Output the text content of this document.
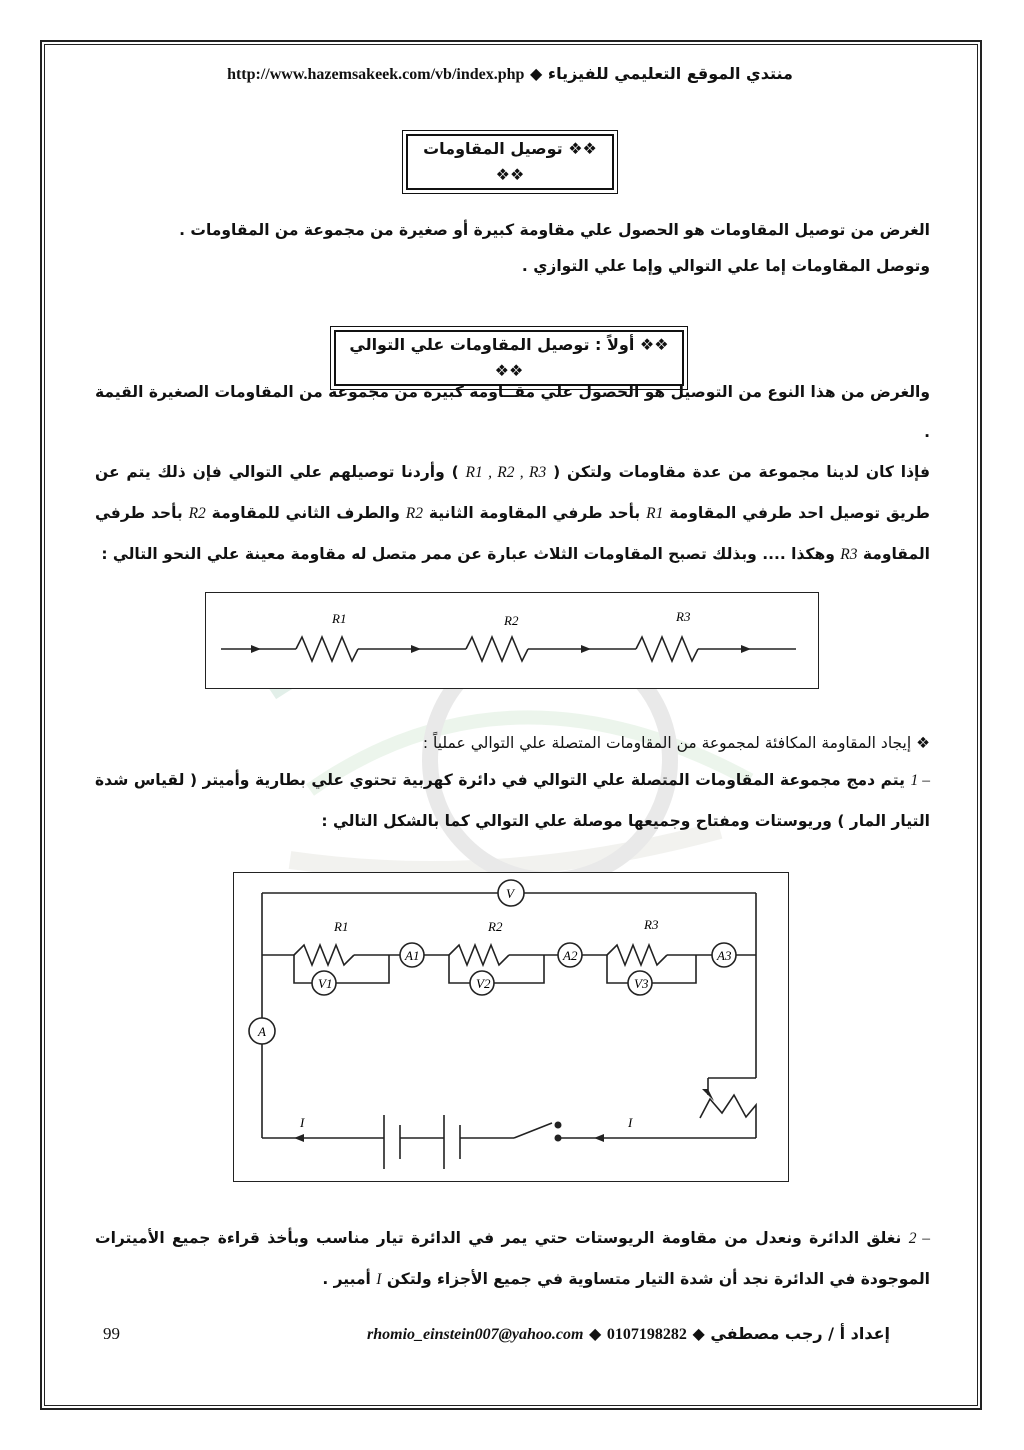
http://www.hazemsakeek.com/vb/index.php ◆ منتدي الموقع التعليمي للفيزياء
❖❖ توصيل المقاومات ❖❖

الغرض من توصيل المقاومات هو الحصول علي مقاومة كبيرة أو صغيرة من مجموعة من المقاومات .

وتوصل المقاومات إما علي التوالي وإما علي التوازي .

❖❖ أولاً : توصيل المقاومات علي التوالي ❖❖

والغرض من هذا النوع من التوصيل هو الحصول علي مقــاومة كبيرة من مجموعة من المقاومات الصغيرة القيمة .

فإذا كان لدينا مجموعة من عدة مقاومات ولتكن ( R1 , R2 , R3 ) وأردنا توصيلهم علي التوالي فإن ذلك يتم عن طريق توصيل احد طرفي المقاومة R1 بأحد طرفي المقاومة الثانية R2 والطرف الثاني للمقاومة R2 بأحد طرفي المقاومة R3 وهكذا .... وبذلك تصبح المقاومات الثلاث عبارة عن ممر متصل له مقاومة معينة علي النحو التالي :

R1	R2	R3
❖ إيجاد المقاومة المكافئة لمجموعة من المقاومات المتصلة علي التوالي عملياً :

1 – يتم دمج مجموعة المقاومات المتصلة علي التوالي في دائرة كهربية تحتوي علي بطارية وأميتر ( لقياس شدة التيار المار ) وريوستات ومفتاح وجميعها موصلة علي التوالي كما بالشكل التالي :

V
A1	A2	A3
V1	V2	V3
A
R1	R2	R3
I	I

2 – نغلق الدائرة ونعدل من مقاومة الريوستات حتي يمر في الدائرة تيار مناسب وبأخذ قراءة جميع الأميترات الموجودة في الدائرة نجد أن شدة التيار متساوية في جميع الأجزاء ولتكن I أمبير .

99	إعداد أ / رجب مصطفي ◆ 0107198282 ◆ rhomio_einstein007@yahoo.com
